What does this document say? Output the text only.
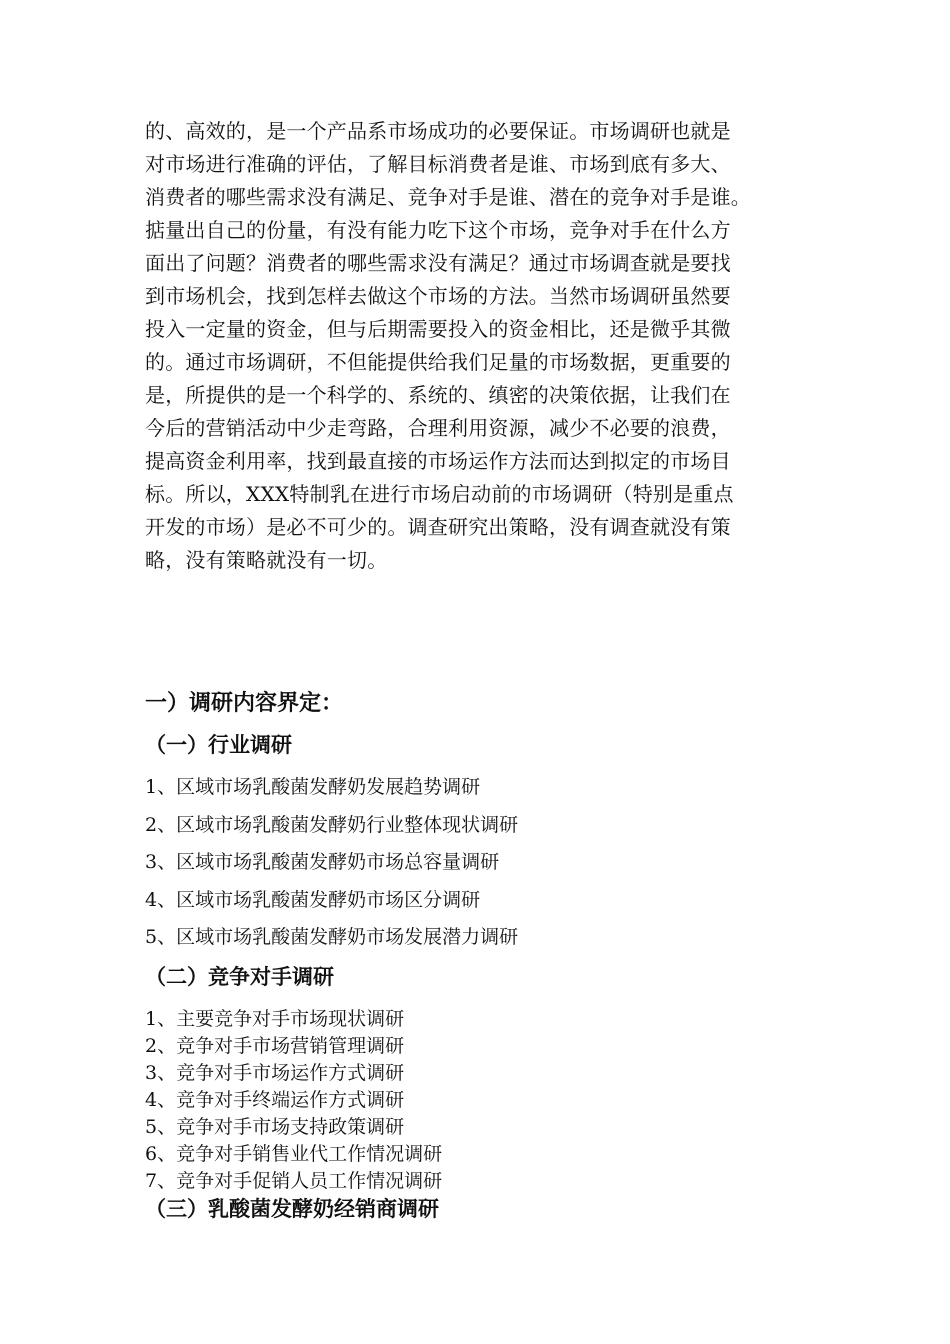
的、高效的，是一个产品系市场成功的必要保证。市场调研也就是
对市场进行准确的评估，了解目标消费者是谁、市场到底有多大、
消费者的哪些需求没有满足、竞争对手是谁、潜在的竞争对手是谁。
掂量出自己的份量，有没有能力吃下这个市场，竞争对手在什么方
面出了问题？消费者的哪些需求没有满足？通过市场调查就是要找
到市场机会，找到怎样去做这个市场的方法。当然市场调研虽然要
投入一定量的资金，但与后期需要投入的资金相比，还是微乎其微
的。通过市场调研，不但能提供给我们足量的市场数据，更重要的
是，所提供的是一个科学的、系统的、缜密的决策依据，让我们在
今后的营销活动中少走弯路，合理利用资源，减少不必要的浪费，
提高资金利用率，找到最直接的市场运作方法而达到拟定的市场目
标。所以，XXX特制乳在进行市场启动前的市场调研（特别是重点
开发的市场）是必不可少的。调查研究出策略，没有调查就没有策
略，没有策略就没有一切。
一）调研内容界定：
（一）行业调研
1、区域市场乳酸菌发酵奶发展趋势调研
2、区域市场乳酸菌发酵奶行业整体现状调研
3、区域市场乳酸菌发酵奶市场总容量调研
4、区域市场乳酸菌发酵奶市场区分调研
5、区域市场乳酸菌发酵奶市场发展潜力调研
（二）竞争对手调研
1、主要竞争对手市场现状调研
2、竞争对手市场营销管理调研
3、竞争对手市场运作方式调研
4、竞争对手终端运作方式调研
5、竞争对手市场支持政策调研
6、竞争对手销售业代工作情况调研
7、竞争对手促销人员工作情况调研
（三）乳酸菌发酵奶经销商调研
